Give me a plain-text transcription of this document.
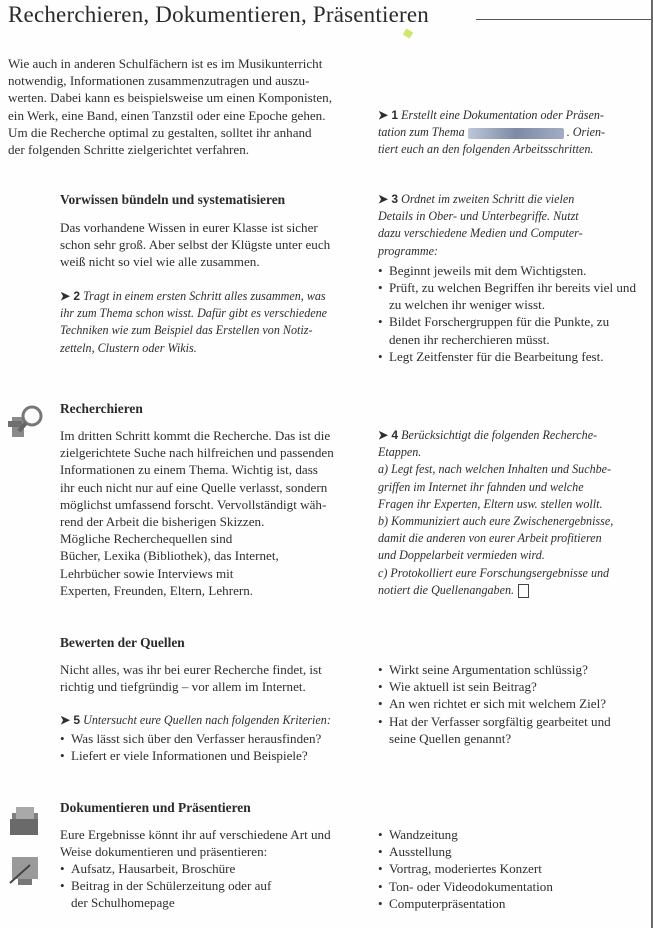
Recherchieren, Dokumentieren, Präsentieren
Wie auch in anderen Schulfächern ist es im Musikunterricht
notwendig, Informationen zusammenzutragen und auszu-
werten. Dabei kann es beispielsweise um einen Komponisten,
ein Werk, eine Band, einen Tanzstil oder eine Epoche gehen.
Um die Recherche optimal zu gestalten, solltet ihr anhand
der folgenden Schritte zielgerichtet verfahren.
➤ 1 Erstellt eine Dokumentation oder Präsen-
tation zum Thema	. Orien-
tiert euch an den folgenden Arbeitsschritten.
Vorwissen bündeln und systematisieren
Das vorhandene Wissen in eurer Klasse ist sicher
schon sehr groß. Aber selbst der Klügste unter euch
weiß nicht so viel wie alle zusammen.
➤ 2 Tragt in einem ersten Schritt alles zusammen, was
ihr zum Thema schon wisst. Dafür gibt es verschiedene
Techniken wie zum Beispiel das Erstellen von Notiz-
zetteln, Clustern oder Wikis.
➤ 3 Ordnet im zweiten Schritt die vielen
Details in Ober- und Unterbegriffe. Nutzt
dazu verschiedene Medien und Computer-
programme:
• Beginnt jeweils mit dem Wichtigsten.
• Prüft, zu welchen Begriffen ihr bereits viel und zu welchen ihr weniger wisst.
• Bildet Forschergruppen für die Punkte, zu denen ihr recherchieren müsst.
• Legt Zeitfenster für die Bearbeitung fest.
Recherchieren
Im dritten Schritt kommt die Recherche. Das ist die
zielgerichtete Suche nach hilfreichen und passenden
Informationen zu einem Thema. Wichtig ist, dass
ihr euch nicht nur auf eine Quelle verlasst, sondern
möglichst umfassend forscht. Vervollständigt wäh-
rend der Arbeit die bisherigen Skizzen.
Mögliche Recherchequellen sind
Bücher, Lexika (Bibliothek), das Internet,
Lehrbücher sowie Interviews mit
Experten, Freunden, Eltern, Lehrern.
➤ 4 Berücksichtigt die folgenden Recherche-
Etappen.
a) Legt fest, nach welchen Inhalten und Suchbe-
griffen im Internet ihr fahnden und welche
Fragen ihr Experten, Eltern usw. stellen wollt.
b) Kommuniziert auch eure Zwischenergebnisse,
damit die anderen von eurer Arbeit profitieren
und Doppelarbeit vermieden wird.
c) Protokolliert eure Forschungsergebnisse und
notiert die Quellenangaben.
Bewerten der Quellen
Nicht alles, was ihr bei eurer Recherche findet, ist
richtig und tiefgründig – vor allem im Internet.
➤ 5 Untersucht eure Quellen nach folgenden Kriterien:
• Was lässt sich über den Verfasser herausfinden?
• Liefert er viele Informationen und Beispiele?
• Wirkt seine Argumentation schlüssig?
• Wie aktuell ist sein Beitrag?
• An wen richtet er sich mit welchem Ziel?
• Hat der Verfasser sorgfältig gearbeitet und seine Quellen genannt?
Dokumentieren und Präsentieren
Eure Ergebnisse könnt ihr auf verschiedene Art und
Weise dokumentieren und präsentieren:
• Aufsatz, Hausarbeit, Broschüre
• Beitrag in der Schülerzeitung oder auf der Schulhomepage
• Wandzeitung
• Ausstellung
• Vortrag, moderiertes Konzert
• Ton- oder Videodokumentation
• Computerpräsentation
